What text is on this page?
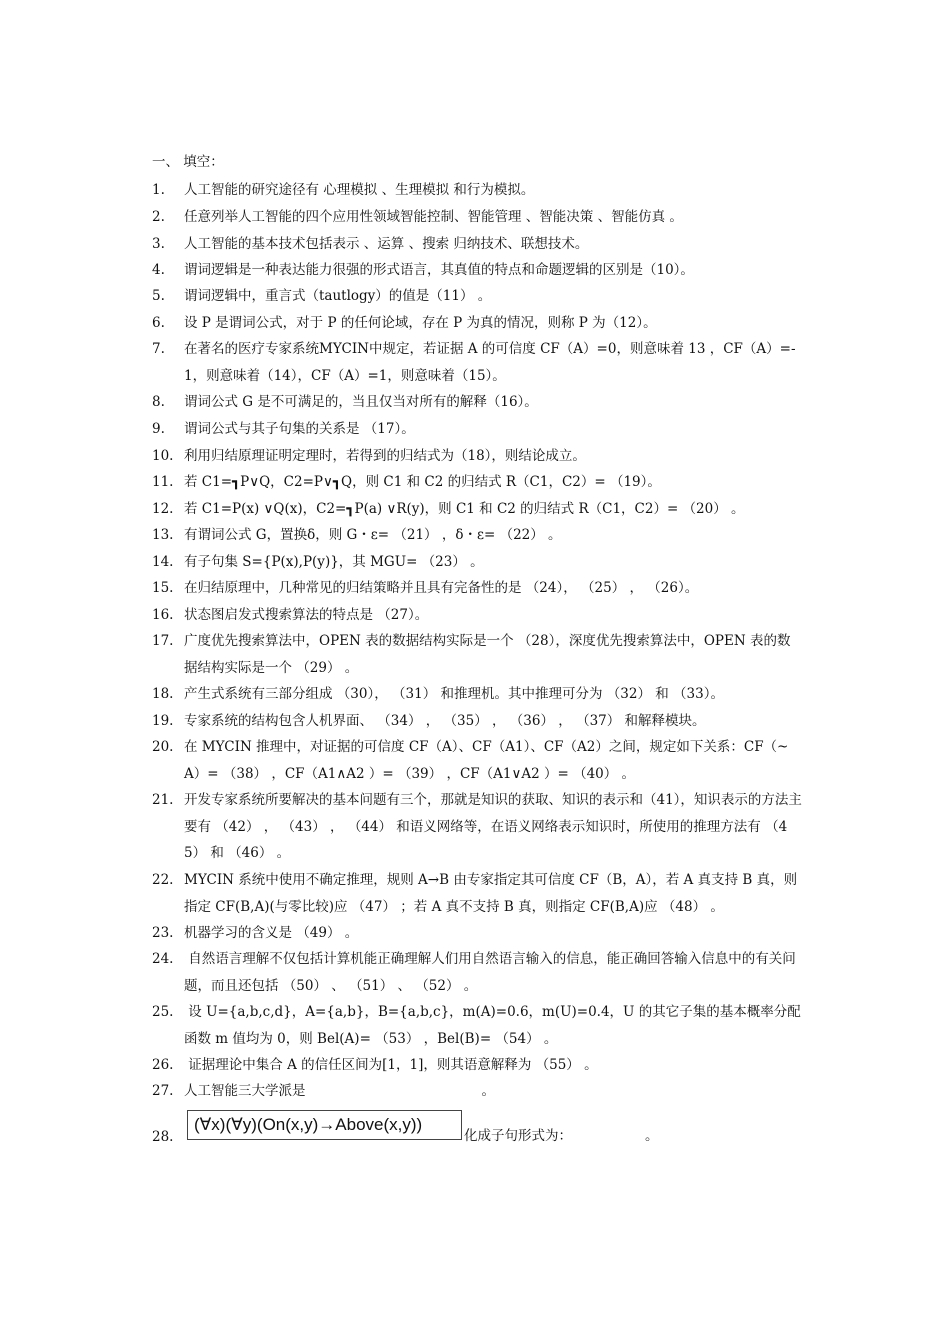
一、 填空：
1. 人工智能的研究途径有 心理模拟 、生理模拟 和行为模拟。
2. 任意列举人工智能的四个应用性领域智能控制、智能管理 、智能决策 、智能仿真 。
3. 人工智能的基本技术包括表示 、运算 、搜索 归纳技术、联想技术。
4. 谓词逻辑是一种表达能力很强的形式语言，其真值的特点和命题逻辑的区别是（10）。
5. 谓词逻辑中，重言式（tautlogy）的值是（11） 。
6. 设 P 是谓词公式，对于 P 的任何论域，存在 P 为真的情况，则称 P 为（12）。
7. 在著名的医疗专家系统MYCIN中规定，若证据 A 的可信度 CF（A）=0，则意味着 13 ，CF（A）=-1，则意味着（14），CF（A）=1，则意味着（15）。
8. 谓词公式 G 是不可满足的，当且仅当对所有的解释（16）。
9. 谓词公式与其子句集的关系是 （17）。
10. 利用归结原理证明定理时，若得到的归结式为（18），则结论成立。
11. 若 C1=┓P∨Q，C2=P∨┓Q，则 C1 和 C2 的归结式 R（C1，C2）= （19）。
12. 若 C1=P(x) ∨Q(x)，C2=┓P(a) ∨R(y)，则 C1 和 C2 的归结式 R（C1，C2）= （20） 。
13. 有谓词公式 G，置换δ，则 G・ε= （21） ，δ・ε= （22） 。
14. 有子句集 S={P(x),P(y)}，其 MGU= （23） 。
15. 在归结原理中，几种常见的归结策略并且具有完备性的是 （24）， （25） ， （26）。
16. 状态图启发式搜索算法的特点是 （27）。
17. 广度优先搜索算法中，OPEN 表的数据结构实际是一个 （28），深度优先搜索算法中，OPEN 表的数据结构实际是一个 （29） 。
18. 产生式系统有三部分组成 （30）， （31） 和推理机。其中推理可分为 （32） 和 （33）。
19. 专家系统的结构包含人机界面、 （34） ， （35） ， （36） ， （37） 和解释模块。
20. 在 MYCIN 推理中，对证据的可信度 CF（A）、CF（A1）、CF（A2）之间，规定如下关系：CF（~A）= （38） ，CF（A1∧A2 ）= （39） ，CF（A1∨A2 ）= （40） 。
21. 开发专家系统所要解决的基本问题有三个，那就是知识的获取、知识的表示和（41），知识表示的方法主要有 （42） ， （43） ， （44） 和语义网络等，在语义网络表示知识时，所使用的推理方法有 （45） 和 （46） 。
22. MYCIN 系统中使用不确定推理，规则 A→B 由专家指定其可信度 CF（B，A），若 A 真支持 B 真，则指定 CF(B,A)(与零比较)应 （47） ；若 A 真不支持 B 真，则指定 CF(B,A)应 （48） 。
23. 机器学习的含义是 （49） 。
24. 自然语言理解不仅包括计算机能正确理解人们用自然语言输入的信息，能正确回答输入信息中的有关问题，而且还包括 （50） 、 （51） 、 （52） 。
25. 设 U={a,b,c,d}，A={a,b}，B={a,b,c}，m(A)=0.6，m(U)=0.4，U 的其它子集的基本概率分配函数 m 值均为 0，则 Bel(A)= （53） ，Bel(B)= （54） 。
26. 证据理论中集合 A 的信任区间为[1，1]，则其语意解释为 （55） 。
27. 人工智能三大学派是                                         。
28.
(∀x)(∀y)(On(x,y)→Above(x,y))
化成子句形式为：                 。
